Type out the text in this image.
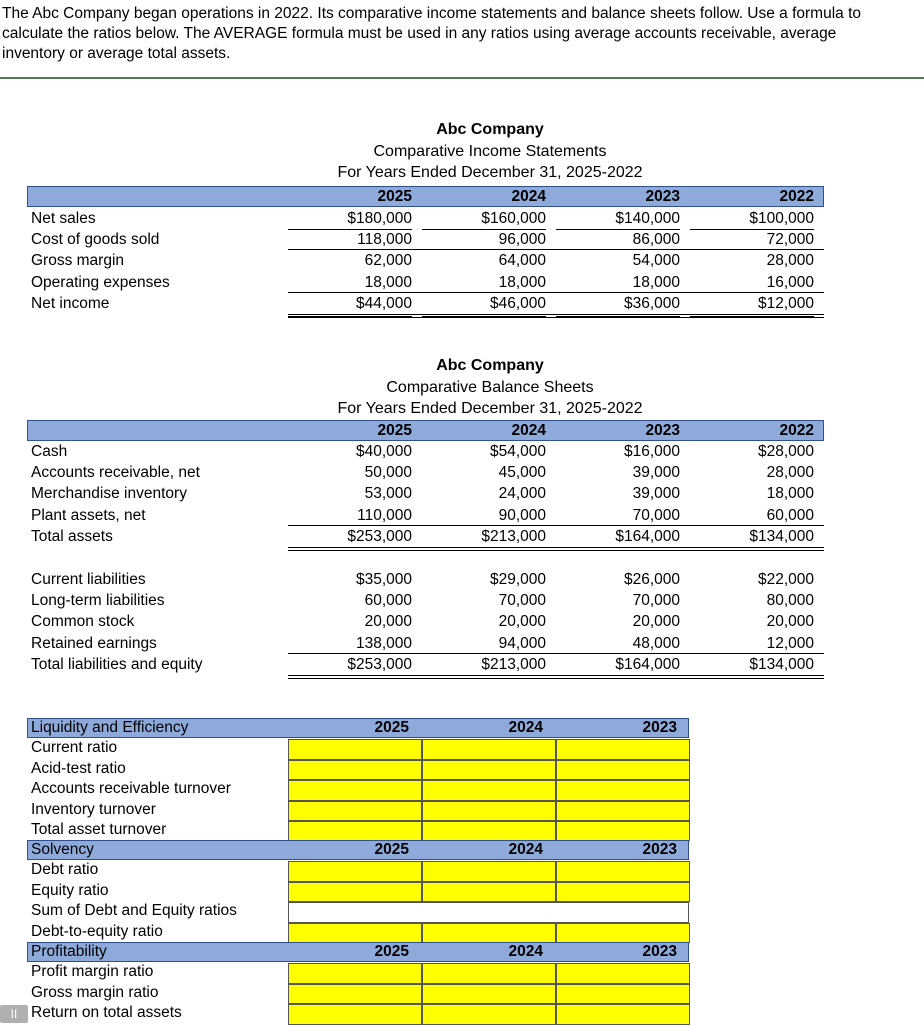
The Abc Company began operations in 2022. Its comparative income statements and balance sheets follow. Use a formula to
calculate the ratios below. The AVERAGE formula must be used in any ratios using average accounts receivable, average
inventory or average total assets.
Abc Company
Comparative Income Statements
For Years Ended December 31, 2025-2022
2025	2024	2023	2022
Net sales	$180,000	$160,000	$140,000	$100,000
Cost of goods sold	118,000	96,000	86,000	72,000
Gross margin	62,000	64,000	54,000	28,000
Operating expenses	18,000	18,000	18,000	16,000
Net income	$44,000	$46,000	$36,000	$12,000
Abc Company
Comparative Balance Sheets
For Years Ended December 31, 2025-2022
2025	2024	2023	2022
Cash	$40,000	$54,000	$16,000	$28,000
Accounts receivable, net	50,000	45,000	39,000	28,000
Merchandise inventory	53,000	24,000	39,000	18,000
Plant assets, net	110,000	90,000	70,000	60,000
Total assets	$253,000	$213,000	$164,000	$134,000
Current liabilities	$35,000	$29,000	$26,000	$22,000
Long-term liabilities	60,000	70,000	70,000	80,000
Common stock	20,000	20,000	20,000	20,000
Retained earnings	138,000	94,000	48,000	12,000
Total liabilities and equity	$253,000	$213,000	$164,000	$134,000
Liquidity and Efficiency	2025	2024	2023
Current ratio
Acid-test ratio
Accounts receivable turnover
Inventory turnover
Total asset turnover
Solvency	2025	2024	2023
Debt ratio
Equity ratio
Sum of Debt and Equity ratios
Debt-to-equity ratio
Profitability	2025	2024	2023
Profit margin ratio
Gross margin ratio
Return on total assets
II
